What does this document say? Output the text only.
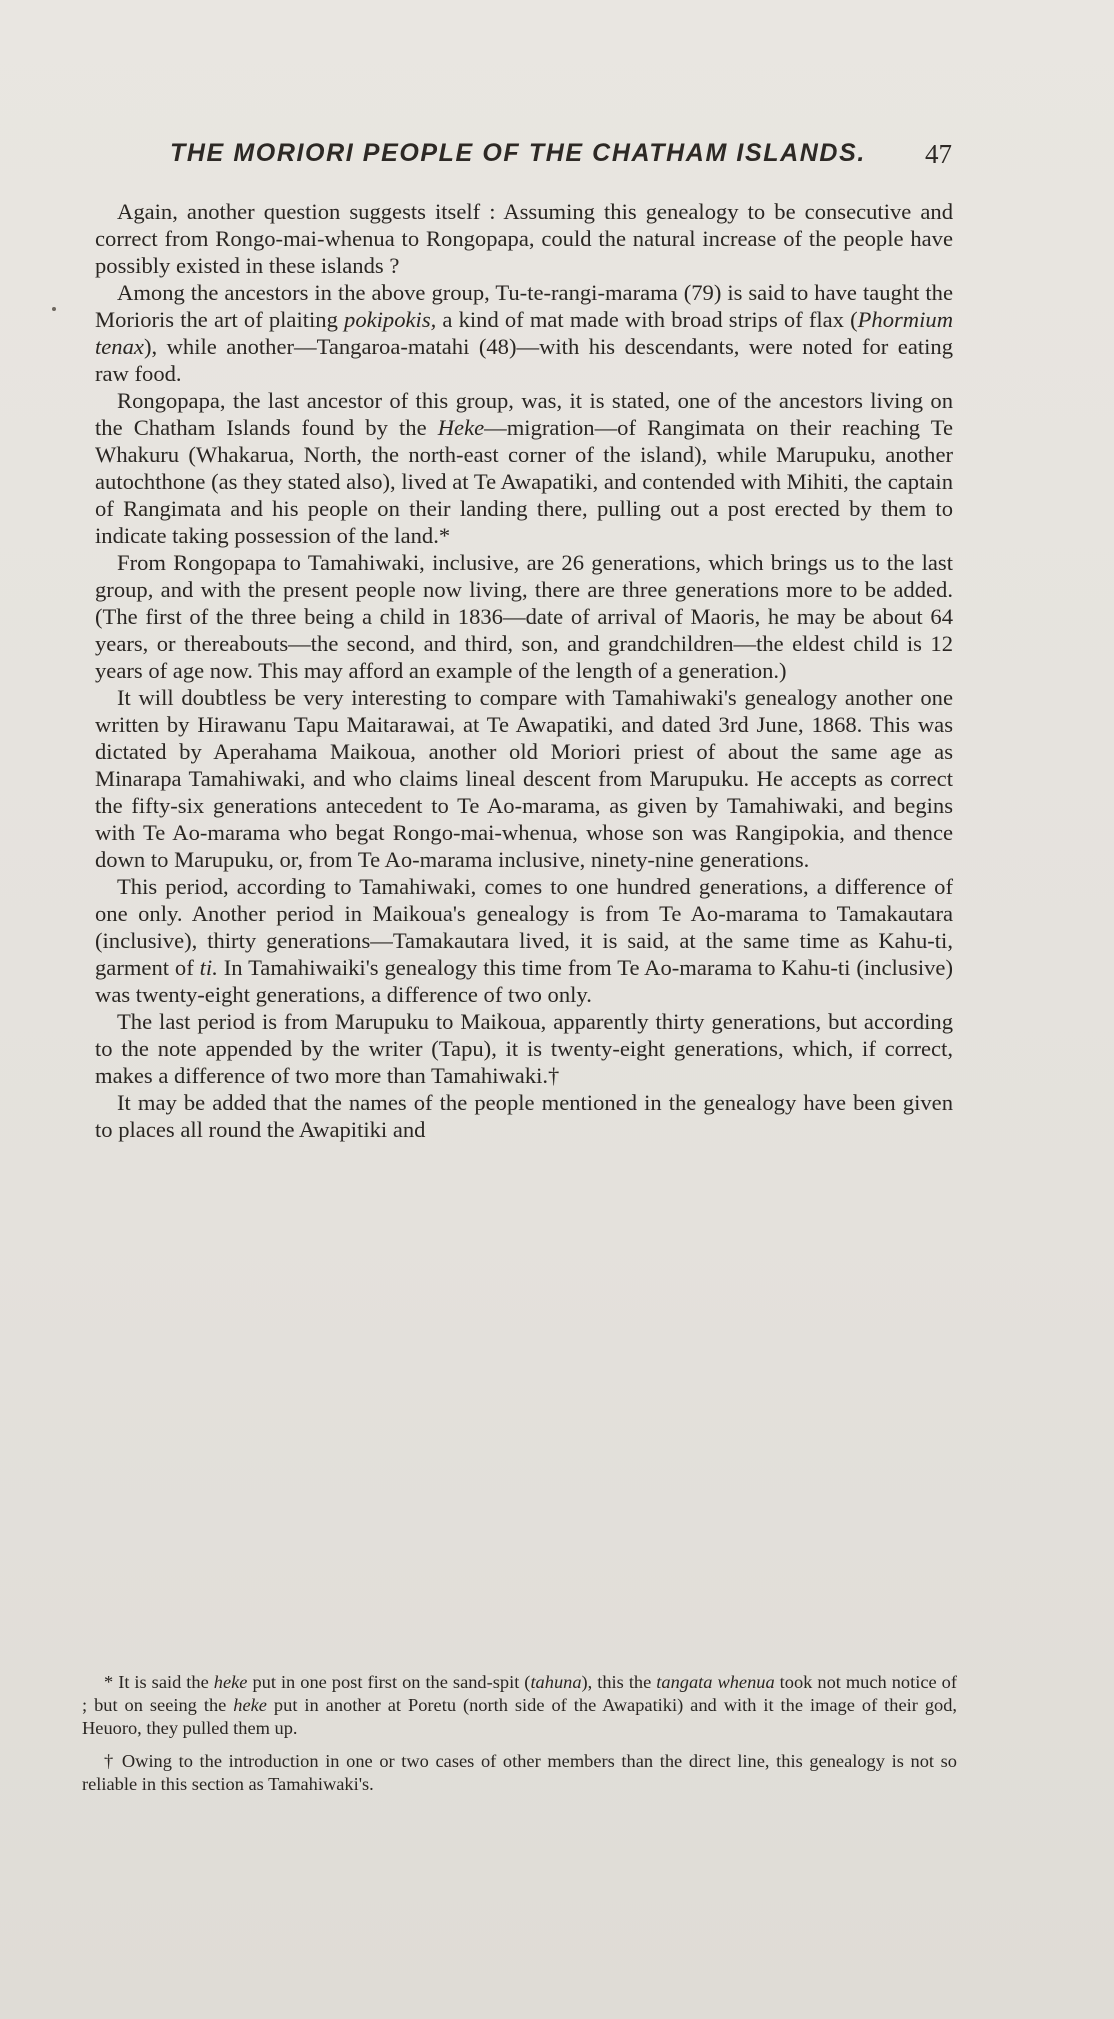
THE MORIORI PEOPLE OF THE CHATHAM ISLANDS. 47

Again, another question suggests itself : Assuming this genealogy to be consecutive and correct from Rongo-mai-whenua to Rongopapa, could the natural increase of the people have possibly existed in these islands ?

Among the ancestors in the above group, Tu-te-rangi-marama (79) is said to have taught the Morioris the art of plaiting pokipokis, a kind of mat made with broad strips of flax (Phormium tenax), while another—Tangaroa-matahi (48)—with his descendants, were noted for eating raw food.

Rongopapa, the last ancestor of this group, was, it is stated, one of the ancestors living on the Chatham Islands found by the Heke—migration—of Rangimata on their reaching Te Whakuru (Whakarua, North, the north-east corner of the island), while Marupuku, another autochthone (as they stated also), lived at Te Awapatiki, and contended with Mihiti, the captain of Rangimata and his people on their landing there, pulling out a post erected by them to indicate taking possession of the land.*

From Rongopapa to Tamahiwaki, inclusive, are 26 generations, which brings us to the last group, and with the present people now living, there are three generations more to be added. (The first of the three being a child in 1836—date of arrival of Maoris, he may be about 64 years, or thereabouts—the second, and third, son, and grandchildren—the eldest child is 12 years of age now. This may afford an example of the length of a generation.)

It will doubtless be very interesting to compare with Tamahiwaki's genealogy another one written by Hirawanu Tapu Maitarawai, at Te Awapatiki, and dated 3rd June, 1868. This was dictated by Aperahama Maikoua, another old Moriori priest of about the same age as Minarapa Tamahiwaki, and who claims lineal descent from Marupuku. He accepts as correct the fifty-six generations antecedent to Te Ao-marama, as given by Tamahiwaki, and begins with Te Ao-marama who begat Rongo-mai-whenua, whose son was Rangipokia, and thence down to Marupuku, or, from Te Ao-marama inclusive, ninety-nine generations.

This period, according to Tamahiwaki, comes to one hundred generations, a difference of one only. Another period in Maikoua's genealogy is from Te Ao-marama to Tamakautara (inclusive), thirty generations—Tamakautara lived, it is said, at the same time as Kahu-ti, garment of ti. In Tamahiwaiki's genealogy this time from Te Ao-marama to Kahu-ti (inclusive) was twenty-eight generations, a difference of two only.

The last period is from Marupuku to Maikoua, apparently thirty generations, but according to the note appended by the writer (Tapu), it is twenty-eight generations, which, if correct, makes a difference of two more than Tamahiwaki.†

It may be added that the names of the people mentioned in the genealogy have been given to places all round the Awapitiki and

* It is said the heke put in one post first on the sand-spit (tahuna), this the tangata whenua took not much notice of ; but on seeing the heke put in another at Poretu (north side of the Awapatiki) and with it the image of their god, Heuoro, they pulled them up.

† Owing to the introduction in one or two cases of other members than the direct line, this genealogy is not so reliable in this section as Tamahiwaki's.
